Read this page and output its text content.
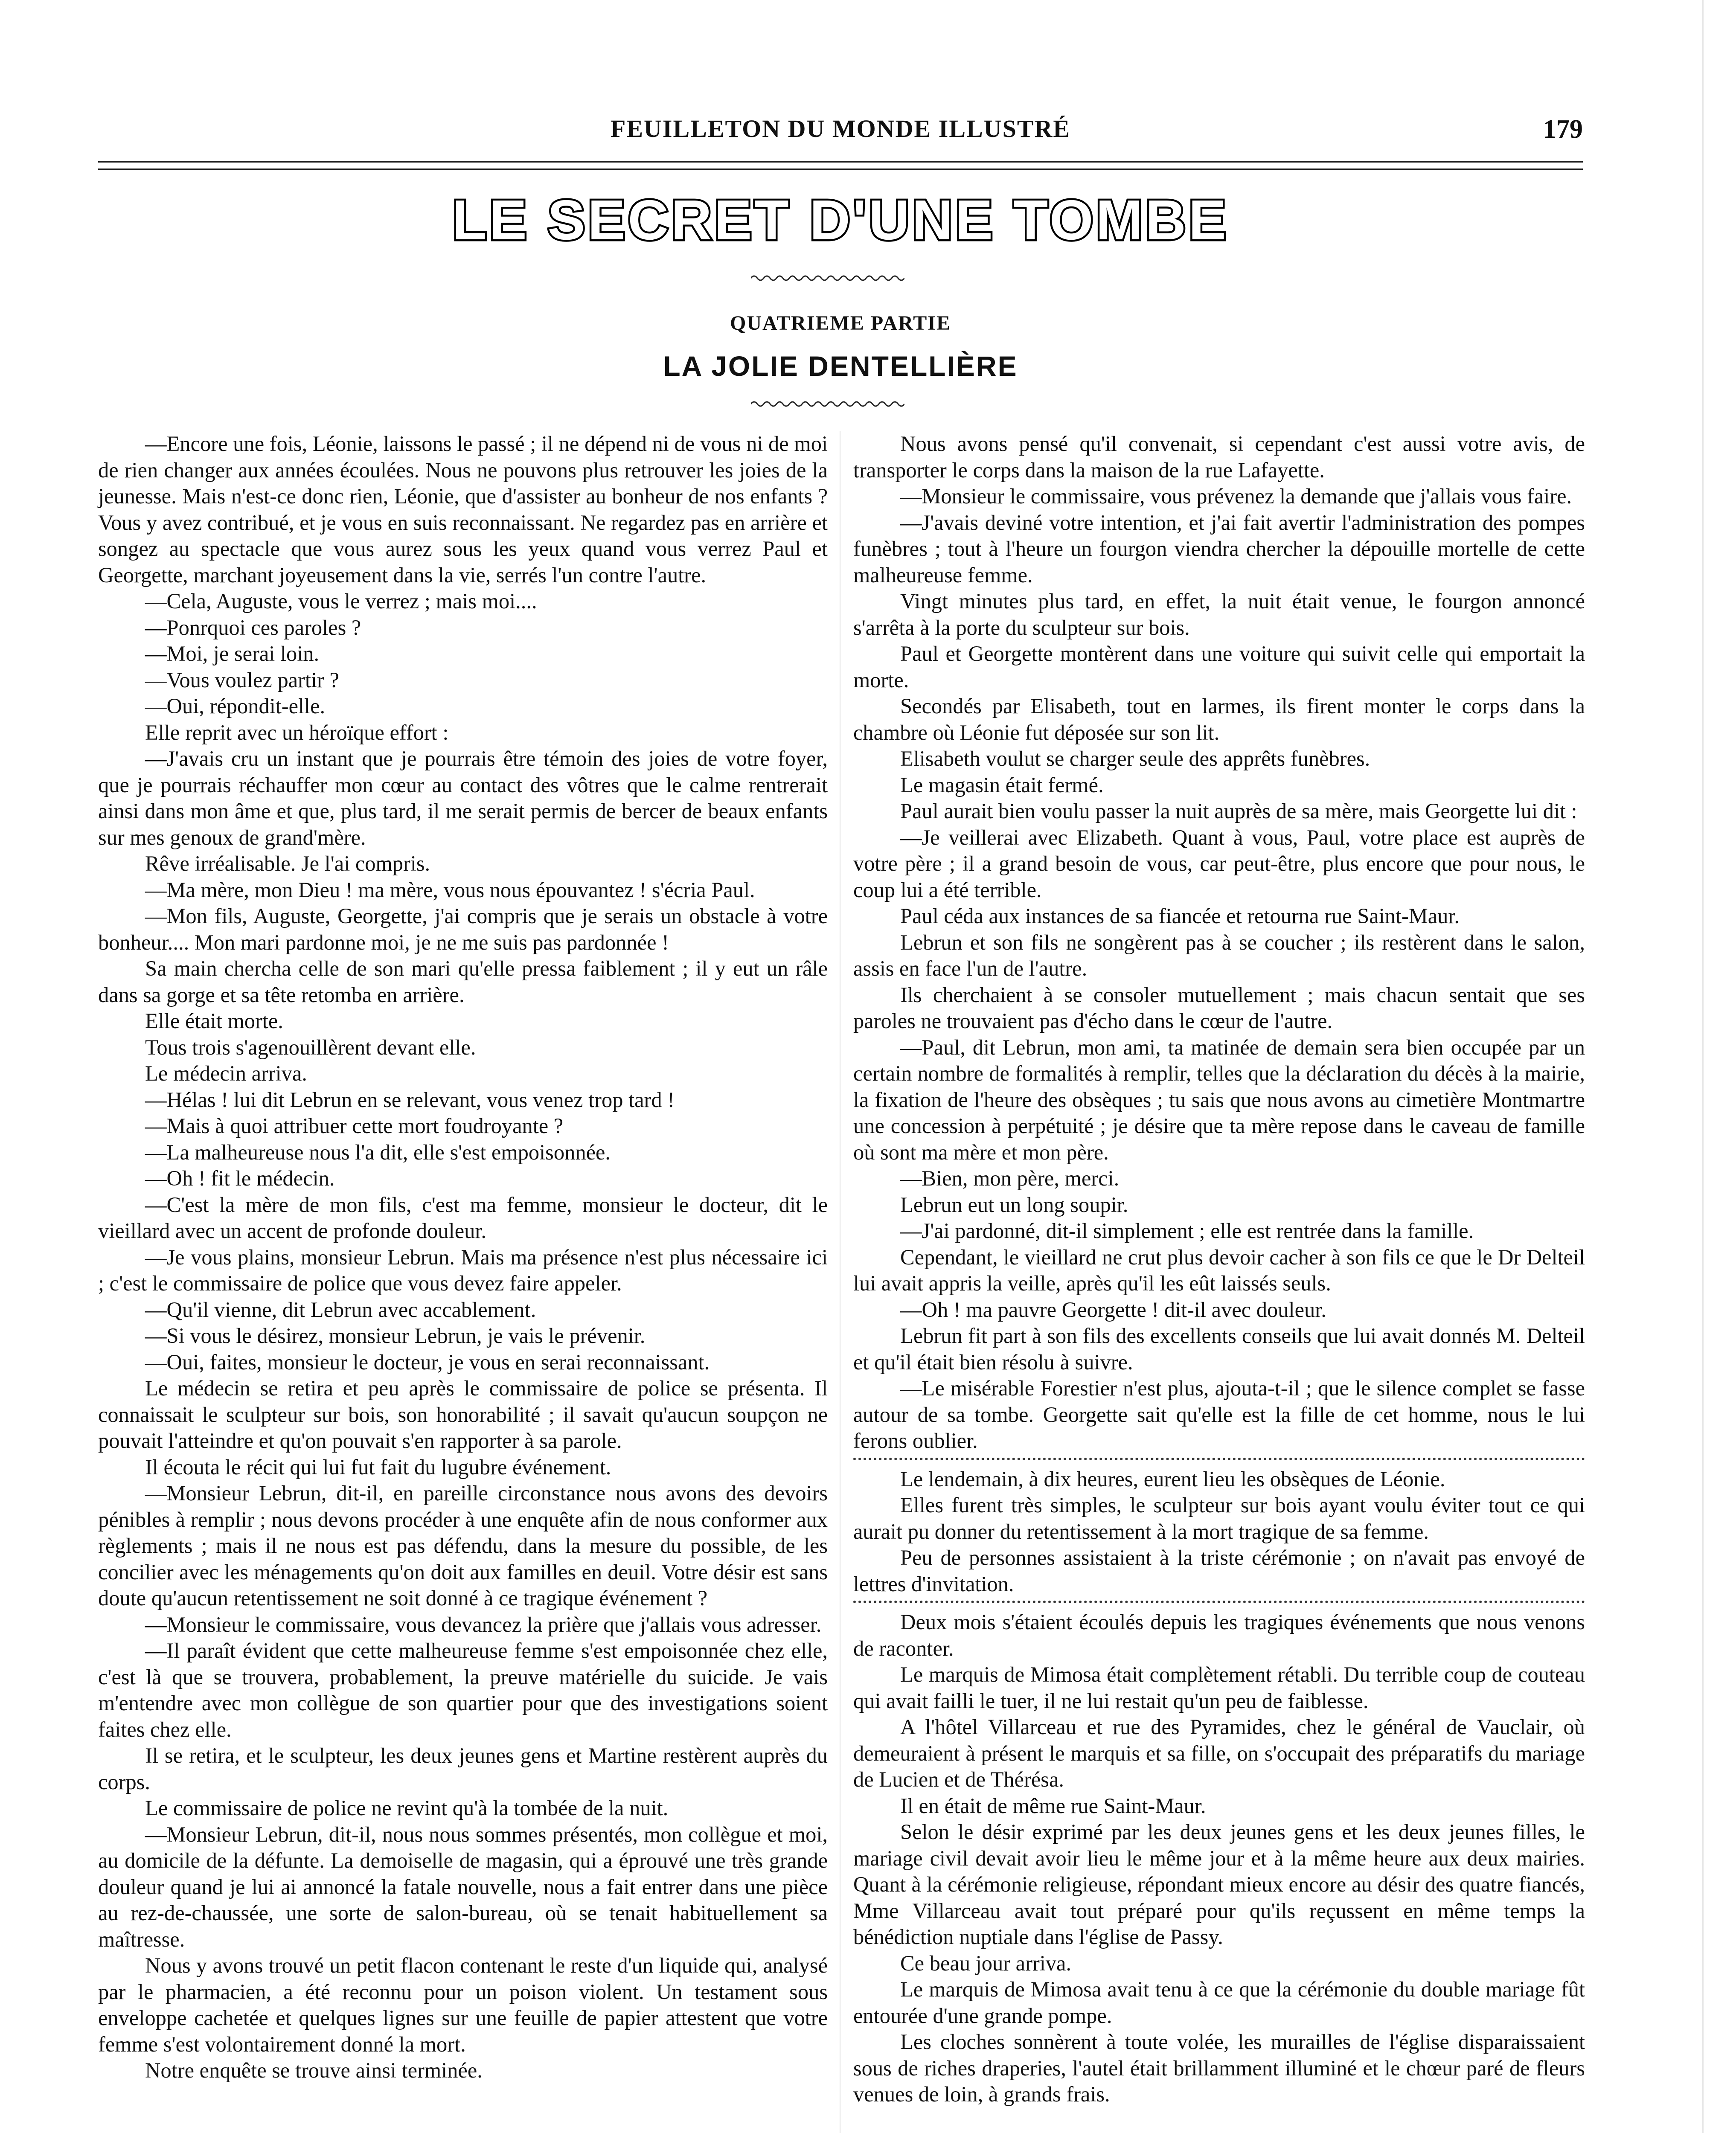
FEUILLETON DU MONDE ILLUSTRÉ	179
LE SECRET D'UNE TOMBE
QUATRIEME PARTIE
LA JOLIE DENTELLIÈRE

—Encore une fois, Léonie, laissons le passé ; il ne dépend ni de vous ni de moi de rien changer aux années écoulées. Nous ne pouvons plus retrouver les joies de la jeunesse. Mais n'est-ce donc rien, Léonie, que d'assister au bonheur de nos enfants ? Vous y avez contribué, et je vous en suis reconnaissant. Ne regardez pas en arrière et songez au spectacle que vous aurez sous les yeux quand vous verrez Paul et Georgette, marchant joyeusement dans la vie, serrés l'un contre l'autre.

—Cela, Auguste, vous le verrez ; mais moi....

—Ponrquoi ces paroles ?

—Moi, je serai loin.

—Vous voulez partir ?

—Oui, répondit-elle.

Elle reprit avec un héroïque effort :

—J'avais cru un instant que je pourrais être témoin des joies de votre foyer, que je pourrais réchauffer mon cœur au contact des vôtres que le calme rentrerait ainsi dans mon âme et que, plus tard, il me serait permis de bercer de beaux enfants sur mes genoux de grand'mère.

Rêve irréalisable. Je l'ai compris.

—Ma mère, mon Dieu ! ma mère, vous nous épouvantez ! s'écria Paul.

—Mon fils, Auguste, Georgette, j'ai compris que je serais un obstacle à votre bonheur.... Mon mari pardonne moi, je ne me suis pas pardonnée !

Sa main chercha celle de son mari qu'elle pressa faiblement ; il y eut un râle dans sa gorge et sa tête retomba en arrière.

Elle était morte.

Tous trois s'agenouillèrent devant elle.

Le médecin arriva.

—Hélas ! lui dit Lebrun en se relevant, vous venez trop tard !

—Mais à quoi attribuer cette mort foudroyante ?

—La malheureuse nous l'a dit, elle s'est empoisonnée.

—Oh ! fit le médecin.

—C'est la mère de mon fils, c'est ma femme, monsieur le docteur, dit le vieillard avec un accent de profonde douleur.

—Je vous plains, monsieur Lebrun. Mais ma présence n'est plus nécessaire ici ; c'est le commissaire de police que vous devez faire appeler.

—Qu'il vienne, dit Lebrun avec accablement.

—Si vous le désirez, monsieur Lebrun, je vais le prévenir.

—Oui, faites, monsieur le docteur, je vous en serai reconnaissant.

Le médecin se retira et peu après le commissaire de police se présenta. Il connaissait le sculpteur sur bois, son honorabilité ; il savait qu'aucun soupçon ne pouvait l'atteindre et qu'on pouvait s'en rapporter à sa parole.

Il écouta le récit qui lui fut fait du lugubre événement.

—Monsieur Lebrun, dit-il, en pareille circonstance nous avons des devoirs pénibles à remplir ; nous devons procéder à une enquête afin de nous conformer aux règlements ; mais il ne nous est pas défendu, dans la mesure du possible, de les concilier avec les ménagements qu'on doit aux familles en deuil. Votre désir est sans doute qu'aucun retentissement ne soit donné à ce tragique événement ?

—Monsieur le commissaire, vous devancez la prière que j'allais vous adresser.

—Il paraît évident que cette malheureuse femme s'est empoisonnée chez elle, c'est là que se trouvera, probablement, la preuve matérielle du suicide. Je vais m'entendre avec mon collègue de son quartier pour que des investigations soient faites chez elle.

Il se retira, et le sculpteur, les deux jeunes gens et Martine restèrent auprès du corps.

Le commissaire de police ne revint qu'à la tombée de la nuit.

—Monsieur Lebrun, dit-il, nous nous sommes présentés, mon collègue et moi, au domicile de la défunte. La demoiselle de magasin, qui a éprouvé une très grande douleur quand je lui ai annoncé la fatale nouvelle, nous a fait entrer dans une pièce au rez-de-chaussée, une sorte de salon-bureau, où se tenait habituellement sa maîtresse.

Nous y avons trouvé un petit flacon contenant le reste d'un liquide qui, analysé par le pharmacien, a été reconnu pour un poison violent. Un testament sous enveloppe cachetée et quelques lignes sur une feuille de papier attestent que votre femme s'est volontairement donné la mort.

Notre enquête se trouve ainsi terminée.

Nous avons pensé qu'il convenait, si cependant c'est aussi votre avis, de transporter le corps dans la maison de la rue Lafayette.

—Monsieur le commissaire, vous prévenez la demande que j'allais vous faire.

—J'avais deviné votre intention, et j'ai fait avertir l'administration des pompes funèbres ; tout à l'heure un fourgon viendra chercher la dépouille mortelle de cette malheureuse femme.

Vingt minutes plus tard, en effet, la nuit était venue, le fourgon annoncé s'arrêta à la porte du sculpteur sur bois.

Paul et Georgette montèrent dans une voiture qui suivit celle qui emportait la morte.

Secondés par Elisabeth, tout en larmes, ils firent monter le corps dans la chambre où Léonie fut déposée sur son lit.

Elisabeth voulut se charger seule des apprêts funèbres.

Le magasin était fermé.

Paul aurait bien voulu passer la nuit auprès de sa mère, mais Georgette lui dit :

—Je veillerai avec Elizabeth. Quant à vous, Paul, votre place est auprès de votre père ; il a grand besoin de vous, car peut-être, plus encore que pour nous, le coup lui a été terrible.

Paul céda aux instances de sa fiancée et retourna rue Saint-Maur.

Lebrun et son fils ne songèrent pas à se coucher ; ils restèrent dans le salon, assis en face l'un de l'autre.

Ils cherchaient à se consoler mutuellement ; mais chacun sentait que ses paroles ne trouvaient pas d'écho dans le cœur de l'autre.

—Paul, dit Lebrun, mon ami, ta matinée de demain sera bien occupée par un certain nombre de formalités à remplir, telles que la déclaration du décès à la mairie, la fixation de l'heure des obsèques ; tu sais que nous avons au cimetière Montmartre une concession à perpétuité ; je désire que ta mère repose dans le caveau de famille où sont ma mère et mon père.

—Bien, mon père, merci.

Lebrun eut un long soupir.

—J'ai pardonné, dit-il simplement ; elle est rentrée dans la famille.

Cependant, le vieillard ne crut plus devoir cacher à son fils ce que le Dr Delteil lui avait appris la veille, après qu'il les eût laissés seuls.

—Oh ! ma pauvre Georgette ! dit-il avec douleur.

Lebrun fit part à son fils des excellents conseils que lui avait donnés M. Delteil et qu'il était bien résolu à suivre.

—Le misérable Forestier n'est plus, ajouta-t-il ; que le silence complet se fasse autour de sa tombe. Georgette sait qu'elle est la fille de cet homme, nous le lui ferons oublier.

Le lendemain, à dix heures, eurent lieu les obsèques de Léonie.

Elles furent très simples, le sculpteur sur bois ayant voulu éviter tout ce qui aurait pu donner du retentissement à la mort tragique de sa femme.

Peu de personnes assistaient à la triste cérémonie ; on n'avait pas envoyé de lettres d'invitation.

Deux mois s'étaient écoulés depuis les tragiques événements que nous venons de raconter.

Le marquis de Mimosa était complètement rétabli. Du terrible coup de couteau qui avait failli le tuer, il ne lui restait qu'un peu de faiblesse.

A l'hôtel Villarceau et rue des Pyramides, chez le général de Vauclair, où demeuraient à présent le marquis et sa fille, on s'occupait des préparatifs du mariage de Lucien et de Thérésa.

Il en était de même rue Saint-Maur.

Selon le désir exprimé par les deux jeunes gens et les deux jeunes filles, le mariage civil devait avoir lieu le même jour et à la même heure aux deux mairies. Quant à la cérémonie religieuse, répondant mieux encore au désir des quatre fiancés, Mme Villarceau avait tout préparé pour qu'ils reçussent en même temps la bénédiction nuptiale dans l'église de Passy.

Ce beau jour arriva.

Le marquis de Mimosa avait tenu à ce que la cérémonie du double mariage fût entourée d'une grande pompe.

Les cloches sonnèrent à toute volée, les murailles de l'église disparaissaient sous de riches draperies, l'autel était brillamment illuminé et le chœur paré de fleurs venues de loin, à grands frais.
